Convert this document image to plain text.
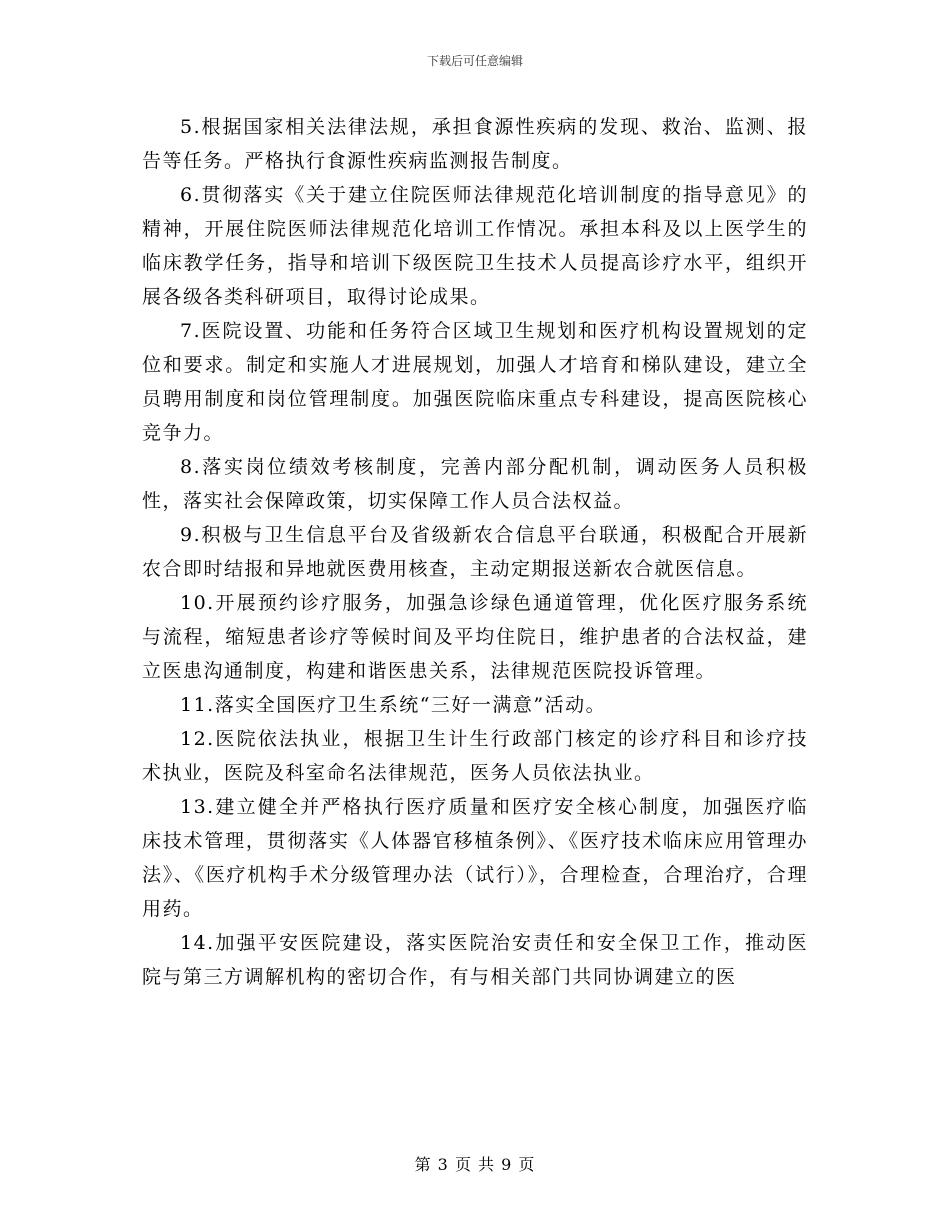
下载后可任意编辑

5.根据国家相关法律法规，承担食源性疾病的发现、救治、监测、报告等任务。严格执行食源性疾病监测报告制度。

6.贯彻落实《关于建立住院医师法律规范化培训制度的指导意见》的精神，开展住院医师法律规范化培训工作情况。承担本科及以上医学生的临床教学任务，指导和培训下级医院卫生技术人员提高诊疗水平，组织开展各级各类科研项目，取得讨论成果。

7.医院设置、功能和任务符合区域卫生规划和医疗机构设置规划的定位和要求。制定和实施人才进展规划，加强人才培育和梯队建设，建立全员聘用制度和岗位管理制度。加强医院临床重点专科建设，提高医院核心竞争力。

8.落实岗位绩效考核制度，完善内部分配机制，调动医务人员积极性，落实社会保障政策，切实保障工作人员合法权益。

9.积极与卫生信息平台及省级新农合信息平台联通，积极配合开展新农合即时结报和异地就医费用核查，主动定期报送新农合就医信息。

10.开展预约诊疗服务，加强急诊绿色通道管理，优化医疗服务系统与流程，缩短患者诊疗等候时间及平均住院日，维护患者的合法权益，建立医患沟通制度，构建和谐医患关系，法律规范医院投诉管理。

11.落实全国医疗卫生系统“三好一满意”活动。

12.医院依法执业，根据卫生计生行政部门核定的诊疗科目和诊疗技术执业，医院及科室命名法律规范，医务人员依法执业。

13.建立健全并严格执行医疗质量和医疗安全核心制度，加强医疗临床技术管理，贯彻落实《人体器官移植条例》、《医疗技术临床应用管理办法》、《医疗机构手术分级管理办法（试行）》，合理检查，合理治疗，合理用药。

14.加强平安医院建设，落实医院治安责任和安全保卫工作，推动医院与第三方调解机构的密切合作，有与相关部门共同协调建立的医

第 3 页 共 9 页
